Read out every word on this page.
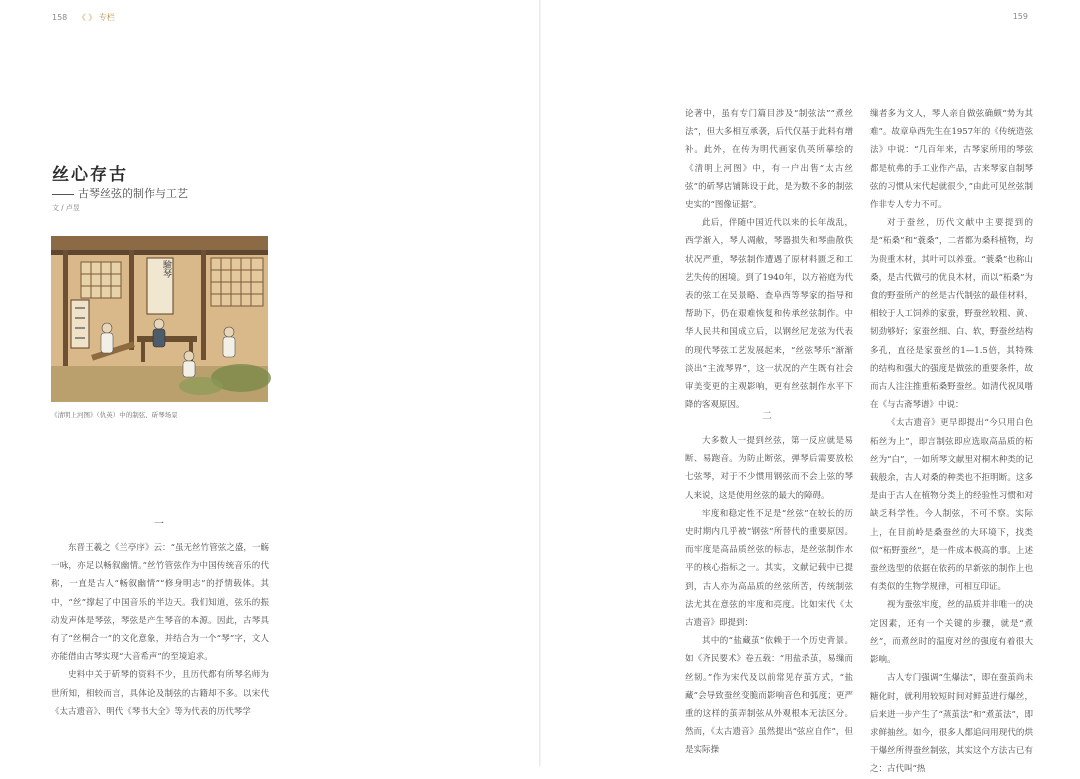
158 《 》 专栏
丝心存古
古琴丝弦的制作与工艺
文 / 卢昱
驗琴
《清明上河图》（仇英）中的制弦、斫琴场景
一

东晋王羲之《兰亭序》云：“虽无丝竹管弦之盛，一觞一咏，亦足以畅叙幽情。”丝竹管弦作为中国传统音乐的代称，一直是古人“畅叙幽情”“修身明志”的抒情载体。其中，“丝”撑起了中国音乐的半边天。我们知道，弦乐的振动发声体是琴弦，琴弦是产生琴音的本源。因此，古琴具有了“丝桐合一”的文化意象，并结合为一个“琴”字，文人亦能借由古琴实现“大音希声”的至境追求。

史料中关于斫琴的资料不少，且历代都有所琴名师为世所知，相较而言，具体论及制弦的古籍却不多。以宋代《太古遗音》、明代《琴书大全》等为代表的历代琴学

159

论著中，虽有专门篇目涉及“制弦法”“煮丝法”，但大多相互承袭，后代仅基于此料有增补。此外，在传为明代画家仇英所摹绘的《清明上河图》中，有一户出售“太古丝弦”的斫琴店铺陈设于此，是为数不多的制弦史实的“图像证据”。

此后，伴随中国近代以来的长年战乱，西学渐入，琴人凋敝，琴器损失和琴曲散佚状况严重，琴弦制作遭遇了原材料匮乏和工艺失传的困境。到了1940年，以方裕庭为代表的弦工在吴景略、查阜西等琴家的指导和帮助下，仍在艰难恢复和传承丝弦制作。中华人民共和国成立后，以钢丝尼龙弦为代表的现代琴弦工艺发展起来，“丝弦琴乐”渐渐淡出“主流琴界”，这一状况的产生既有社会审美变更的主观影响，更有丝弦制作水平下降的客观原因。

二

大多数人一提到丝弦，第一反应就是易断、易跑音。为防止断弦，弹琴后需要放松七弦琴，对于不少惯用钢弦而不会上弦的琴人来说，这是使用丝弦的最大的障碍。

牢度和稳定性不足是“丝弦”在较长的历史时期内几乎被“钢弦”所替代的重要原因。而牢度是高品质丝弦的标志，是丝弦制作水平的核心指标之一。其实，文献记载中已提到，古人亦为高品质的丝弦所苦，传统制弦法尤其在意弦的牢度和亮度。比如宋代《太古遗音》即提到：

其中的“盐藏茧”依赖于一个历史背景。如《齐民要术》卷五载：“用盐杀茧，易缫而丝韧。”作为宋代及以前常见存茧方式，“盐藏”会导致蚕丝变脆而影响音色和弧度；更严重的这样的茧弄制弦从外观根本无法区分。然而，《太古遗音》虽然提出“弦应自作”，但是实际操

缫者多为文人，琴人亲自做弦确颇“势为其难”。故章阜西先生在1957年的《传统造弦法》中说：“几百年来，古琴家所用的琴弦都是杭弗的手工业作产品，古来琴家自制琴弦的习惯从宋代起就很少，”由此可见丝弦制作非专人专力不可。

对于蚕丝，历代文献中主要提到的是“柘桑”和“蓑桑”，二者都为桑科植物，均为贵重木材，其叶可以养蚕。“蓑桑”也称山桑，是古代做弓的优良木材，而以“柘桑”为食的野蚕所产的丝是古代制弦的最佳材料，相较于人工饲养的家蚕，野蚕丝较粗、黄、韧劲够好；家蚕丝细、白、软，野蚕丝结构多孔，直径是家蚕丝的1—1.5倍，其特殊的结构和强大的强度是做弦的重要条件，故而古人注注推重柘桑野蚕丝。如清代祝凤喈在《与古斋琴谱》中说：

《太古遗音》更早即提出“今只用白色柘丝为上”，即言制弦即应选取高品质的柘丝为“白”，一如所琴文献里对桐木种类的记载般余，古人对桑的种类也不拒明断。这多是由于古人在植物分类上的经验性习惯和对缺乏科学性。今人制弦，不可不察。实际上，在目前岭是桑蚕丝的大环境下，找类似“柘野蚕丝”，是一件成本极高的事。上述蚕丝选型的依据在依药的早新弦的制作上也有类似的生物学规律，可相互印证。

视为蚕弦牢度，丝的品质并非唯一的决定因素，还有一个关键的步骤，就是“煮丝”，而煮丝时的温度对丝的强度有着很大影响。

古人专门强调“生爆法”，即在蚕茧尚未糖化时，就利用较短时间对鲜茧进行爆丝，后来进一步产生了“蒸茧法”和“煮茧法”，即求鲜抽丝。如今，很多人都追问用现代的烘干爆丝所得蚕丝制弦，其实这个方法古已有之：古代叫“热
